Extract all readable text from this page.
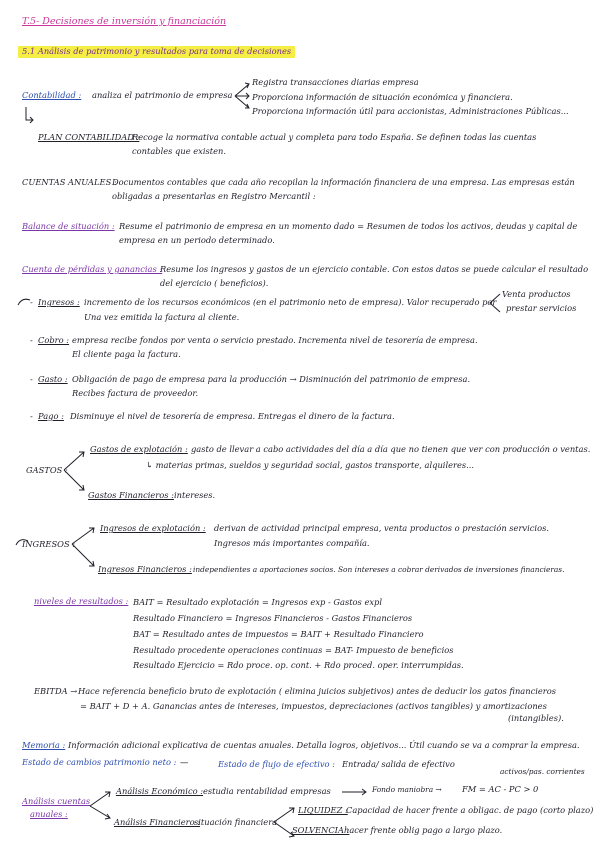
T.5- Decisiones de inversión y financiación
5.1 Análisis de patrimonio y resultados para toma de decisiones
Contabilidad : analiza el patrimonio de empresa
Registra transacciones diarias empresa
Proporciona información de situación económica y financiera.
Proporciona información útil para accionistas, Administraciones Públicas...
PLAN CONTABILIDAD :
Recoge la normativa contable actual y completa para todo España. Se definen todas las cuentas
contables que existen.
CUENTAS ANUALES :
Documentos contables que cada año recopilan la información financiera de una empresa. Las empresas están
obligadas a presentarlas en Registro Mercantil :
Balance de situación : Resume el patrimonio de empresa en un momento dado = Resumen de todos los activos, deudas y capital de
empresa en un periodo determinado.
Cuenta de pérdidas y ganancias :
Resume los ingresos y gastos de un ejercicio contable. Con estos datos se puede calcular el resultado
del ejercicio ( beneficios).
- Ingresos : incremento de los recursos económicos (en el patrimonio neto de empresa). Valor recuperado por
Una vez emitida la factura al cliente.
Venta productos
prestar servicios
- Cobro : empresa recibe fondos por venta o servicio prestado. Incrementa nivel de tesorería de empresa.
El cliente paga la factura.
- Gasto : Obligación de pago de empresa para la producción → Disminución del patrimonio de empresa.
Recibes factura de proveedor.
- Pago : Disminuye el nivel de tesorería de empresa. Entregas el dinero de la factura.
GASTOS :
Gastos de explotación : gasto de llevar a cabo actividades del día a día que no tienen que ver con producción o ventas.
↳ materias primas, sueldos y seguridad social, gastos transporte, alquileres...
Gastos Financieros : intereses.
INGRESOS :
Ingresos de explotación : derivan de actividad principal empresa, venta productos o prestación servicios.
Ingresos más importantes compañía.
Ingresos Financieros : independientes a aportaciones socios. Son intereses a cobrar derivados de inversiones financieras.
niveles de resultados : BAIT = Resultado explotación = Ingresos exp - Gastos expl
Resultado Financiero = Ingresos Financieros - Gastos Financieros
BAT = Resultado antes de impuestos = BAIT + Resultado Financiero
Resultado procedente operaciones continuas = BAT- Impuesto de beneficios
Resultado Ejercicio = Rdo proce. op. cont. + Rdo proced. oper. interrumpidas.
EBITDA → Hace referencia beneficio bruto de explotación ( elimina juicios subjetivos) antes de deducir los gatos financieros
= BAIT + D + A. Ganancias antes de intereses, impuestos, depreciaciones (activos tangibles) y amortizaciones
(intangibles).
Memoria : Información adicional explicativa de cuentas anuales. Detalla logros, objetivos... Útil cuando se va a comprar la empresa.
Estado de cambios patrimonio neto : —	Estado de flujo de efectivo : Entrada/ salida de efectivo
Análisis cuentas
anuales :
Análisis Económico : estudia rentabilidad empresas	Fondo maniobra → FM = AC - PC > 0
activos/pas. corrientes
Análisis Financiero :
situación financiera
LIQUIDEZ :
Capacidad de hacer frente a obligac. de pago (corto plazo)
SOLVENCIA :
hacer frente oblig pago a largo plazo.
